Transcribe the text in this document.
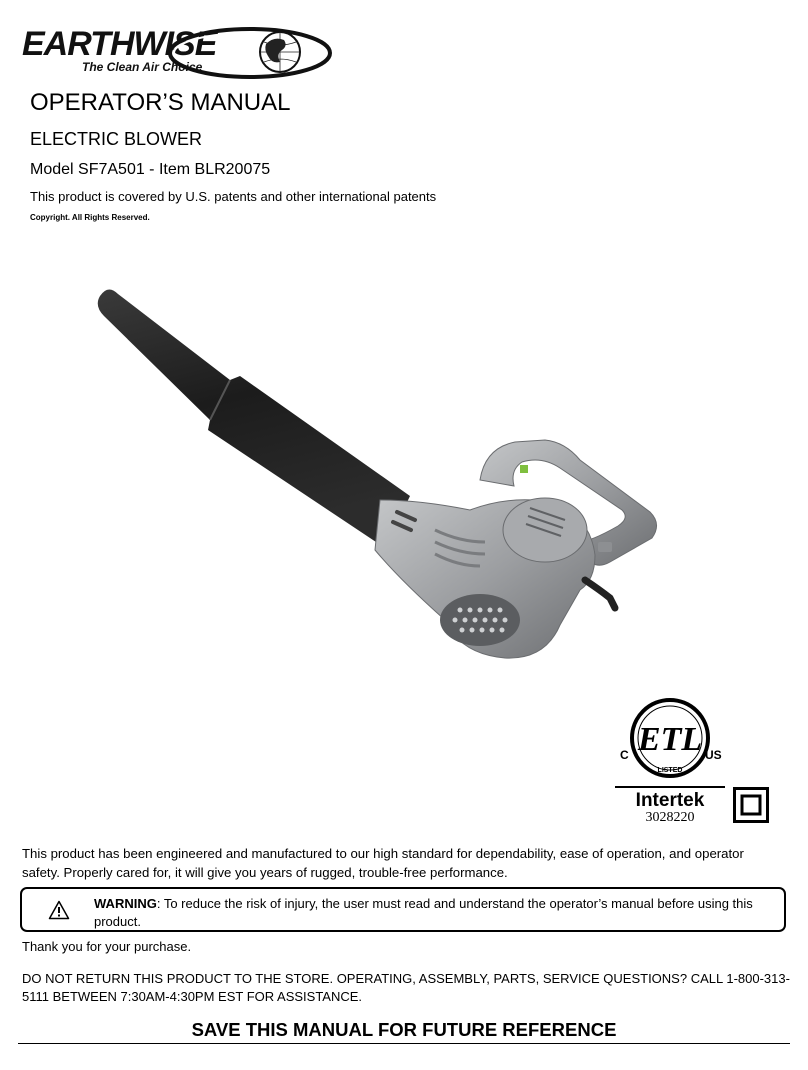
EARTHWISE
The Clean Air Choice
OPERATOR’S MANUAL
ELECTRIC BLOWER
Model SF7A501 - Item BLR20075
This product is covered by U.S. patents and other international patents
Copyright. All Rights Reserved.
ETL
LISTED
C	US
Intertek
3028220
This product has been engineered and manufactured to our high standard for dependability, ease of operation, and operator safety. Properly cared for, it will give you years of rugged, trouble-free performance.
WARNING: To reduce the risk of injury, the user must read and understand the operator’s manual before using this product.
Thank you for your purchase.
DO NOT RETURN THIS PRODUCT TO THE STORE. OPERATING, ASSEMBLY, PARTS, SERVICE QUESTIONS? CALL 1-800-313-5111 BETWEEN 7:30AM-4:30PM EST FOR ASSISTANCE.
SAVE THIS MANUAL FOR FUTURE REFERENCE
